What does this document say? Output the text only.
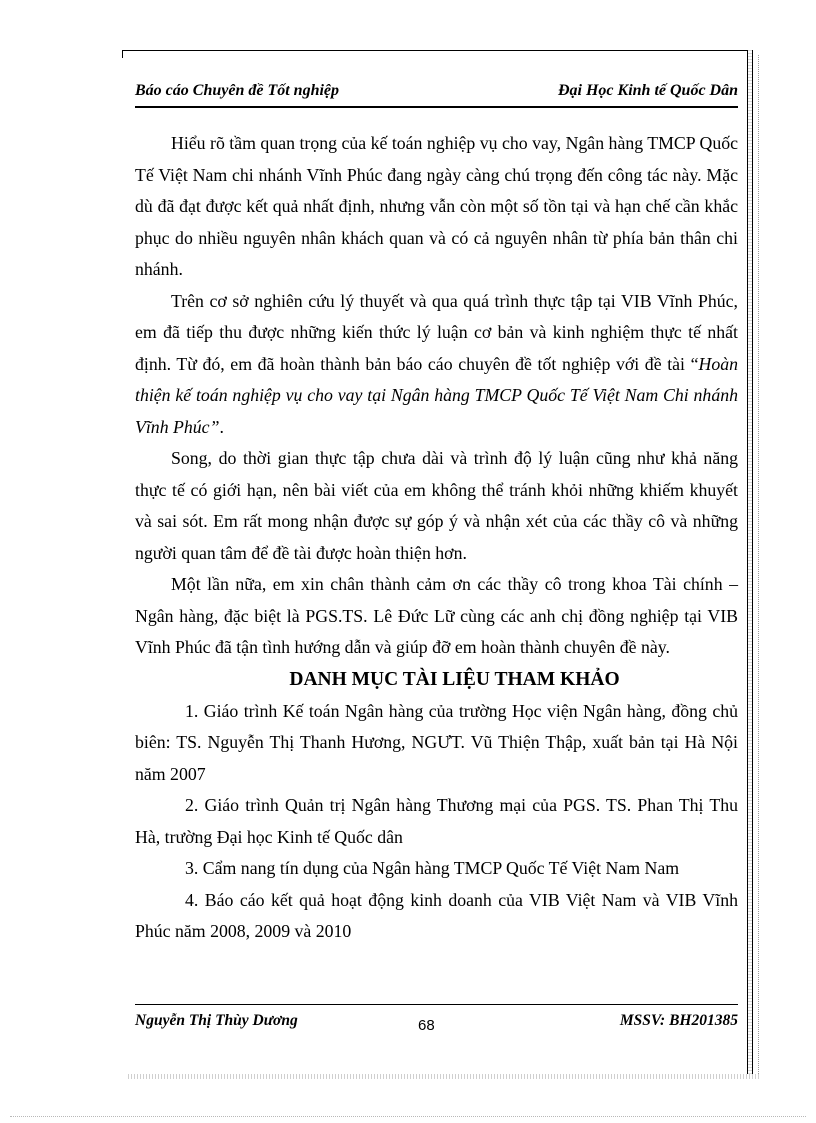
Báo cáo Chuyên đề Tốt nghiệp	Đại Học Kinh tế Quốc Dân

Hiểu rõ tầm quan trọng của kế toán nghiệp vụ cho vay, Ngân hàng TMCP Quốc Tế Việt Nam chi nhánh Vĩnh Phúc đang ngày càng chú trọng đến công tác này. Mặc dù đã đạt được kết quả nhất định, nhưng vẫn còn một số tồn tại và hạn chế cần khắc phục do nhiều nguyên nhân khách quan và có cả nguyên nhân từ phía bản thân chi nhánh.

Trên cơ sở nghiên cứu lý thuyết và qua quá trình thực tập tại VIB Vĩnh Phúc, em đã tiếp thu được những kiến thức lý luận cơ bản và kinh nghiệm thực tế nhất định. Từ đó, em đã hoàn thành bản báo cáo chuyên đề tốt nghiệp với đề tài “Hoàn thiện kế toán nghiệp vụ cho vay tại Ngân hàng TMCP Quốc Tế Việt Nam Chi nhánh Vĩnh Phúc”.

Song, do thời gian thực tập chưa dài và trình độ lý luận cũng như khả năng thực tế có giới hạn, nên bài viết của em không thể tránh khỏi những khiếm khuyết và sai sót. Em rất mong nhận được sự góp ý và nhận xét của các thầy cô và những người quan tâm để đề tài được hoàn thiện hơn.

Một lần nữa, em xin chân thành cảm ơn các thầy cô trong khoa Tài chính – Ngân hàng, đặc biệt là PGS.TS. Lê Đức Lữ cùng các anh chị đồng nghiệp tại VIB Vĩnh Phúc đã tận tình hướng dẫn và giúp đỡ em hoàn thành chuyên đề này.

DANH MỤC TÀI LIỆU THAM KHẢO

1. Giáo trình Kế toán Ngân hàng của trường Học viện Ngân hàng, đồng chủ biên: TS. Nguyễn Thị Thanh Hương, NGƯT. Vũ Thiện Thập, xuất bản tại Hà Nội năm 2007

2. Giáo trình Quản trị Ngân hàng Thương mại của PGS. TS. Phan Thị Thu Hà, trường Đại học Kinh tế Quốc dân

3. Cẩm nang tín dụng của Ngân hàng TMCP Quốc Tế Việt Nam Nam

4. Báo cáo kết quả hoạt động kinh doanh của VIB Việt Nam và VIB Vĩnh Phúc năm 2008, 2009 và 2010

Nguyễn Thị Thùy Dương	68	MSSV: BH201385
